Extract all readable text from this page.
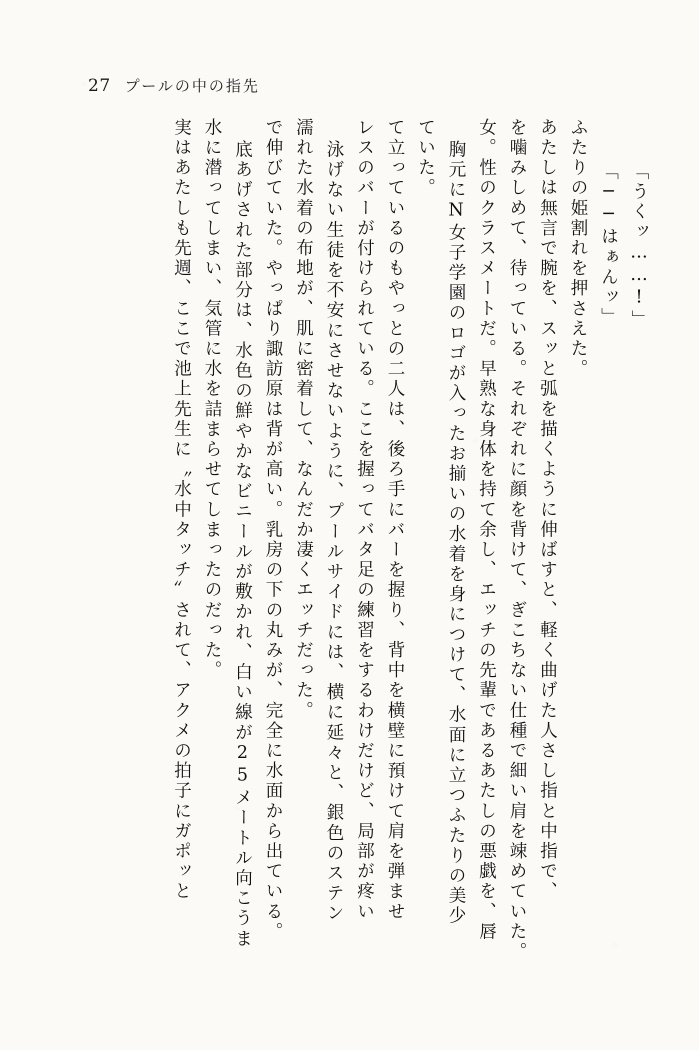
27 プールの中の指先
実はあたしも先週、ここで池上先生に〝水中タッチ〟されて、アクメの拍子にガポッと 水に潜ってしまい、気管に水を詰まらせてしまったのだった。 底あげされた部分は、水色の鮮やかなビニールが敷かれ、白い線が25メートル向こうま で伸びていた。やっぱり諏訪原は背が高い。乳房の下の丸みが、完全に水面から出ている。 濡れた水着の布地が、肌に密着して、なんだか凄くエッチだった。 泳げない生徒を不安にさせないように、プールサイドには、横に延々と、銀色のステン レスのバーが付けられている。ここを握ってバタ足の練習をするわけだけど、局部が疼い て立っているのもやっとの二人は、後ろ手にバーを握り、背中を横壁に預けて肩を弾ませ ていた。 胸元にN女子学園のロゴが入ったお揃いの水着を身につけて、水面に立つふたりの美少 女。性のクラスメートだ。早熟な身体を持て余し、エッチの先輩であるあたしの悪戯を、唇 を噛みしめて、待っている。それぞれに顔を背けて、ぎこちない仕種で細い肩を竦めていた。 あたしは無言で腕を、スッと弧を描くように伸ばすと、軽く曲げた人さし指と中指で、 ふたりの姫割れを押さえた。 「──はぁんッ」 「うくッ……!」
